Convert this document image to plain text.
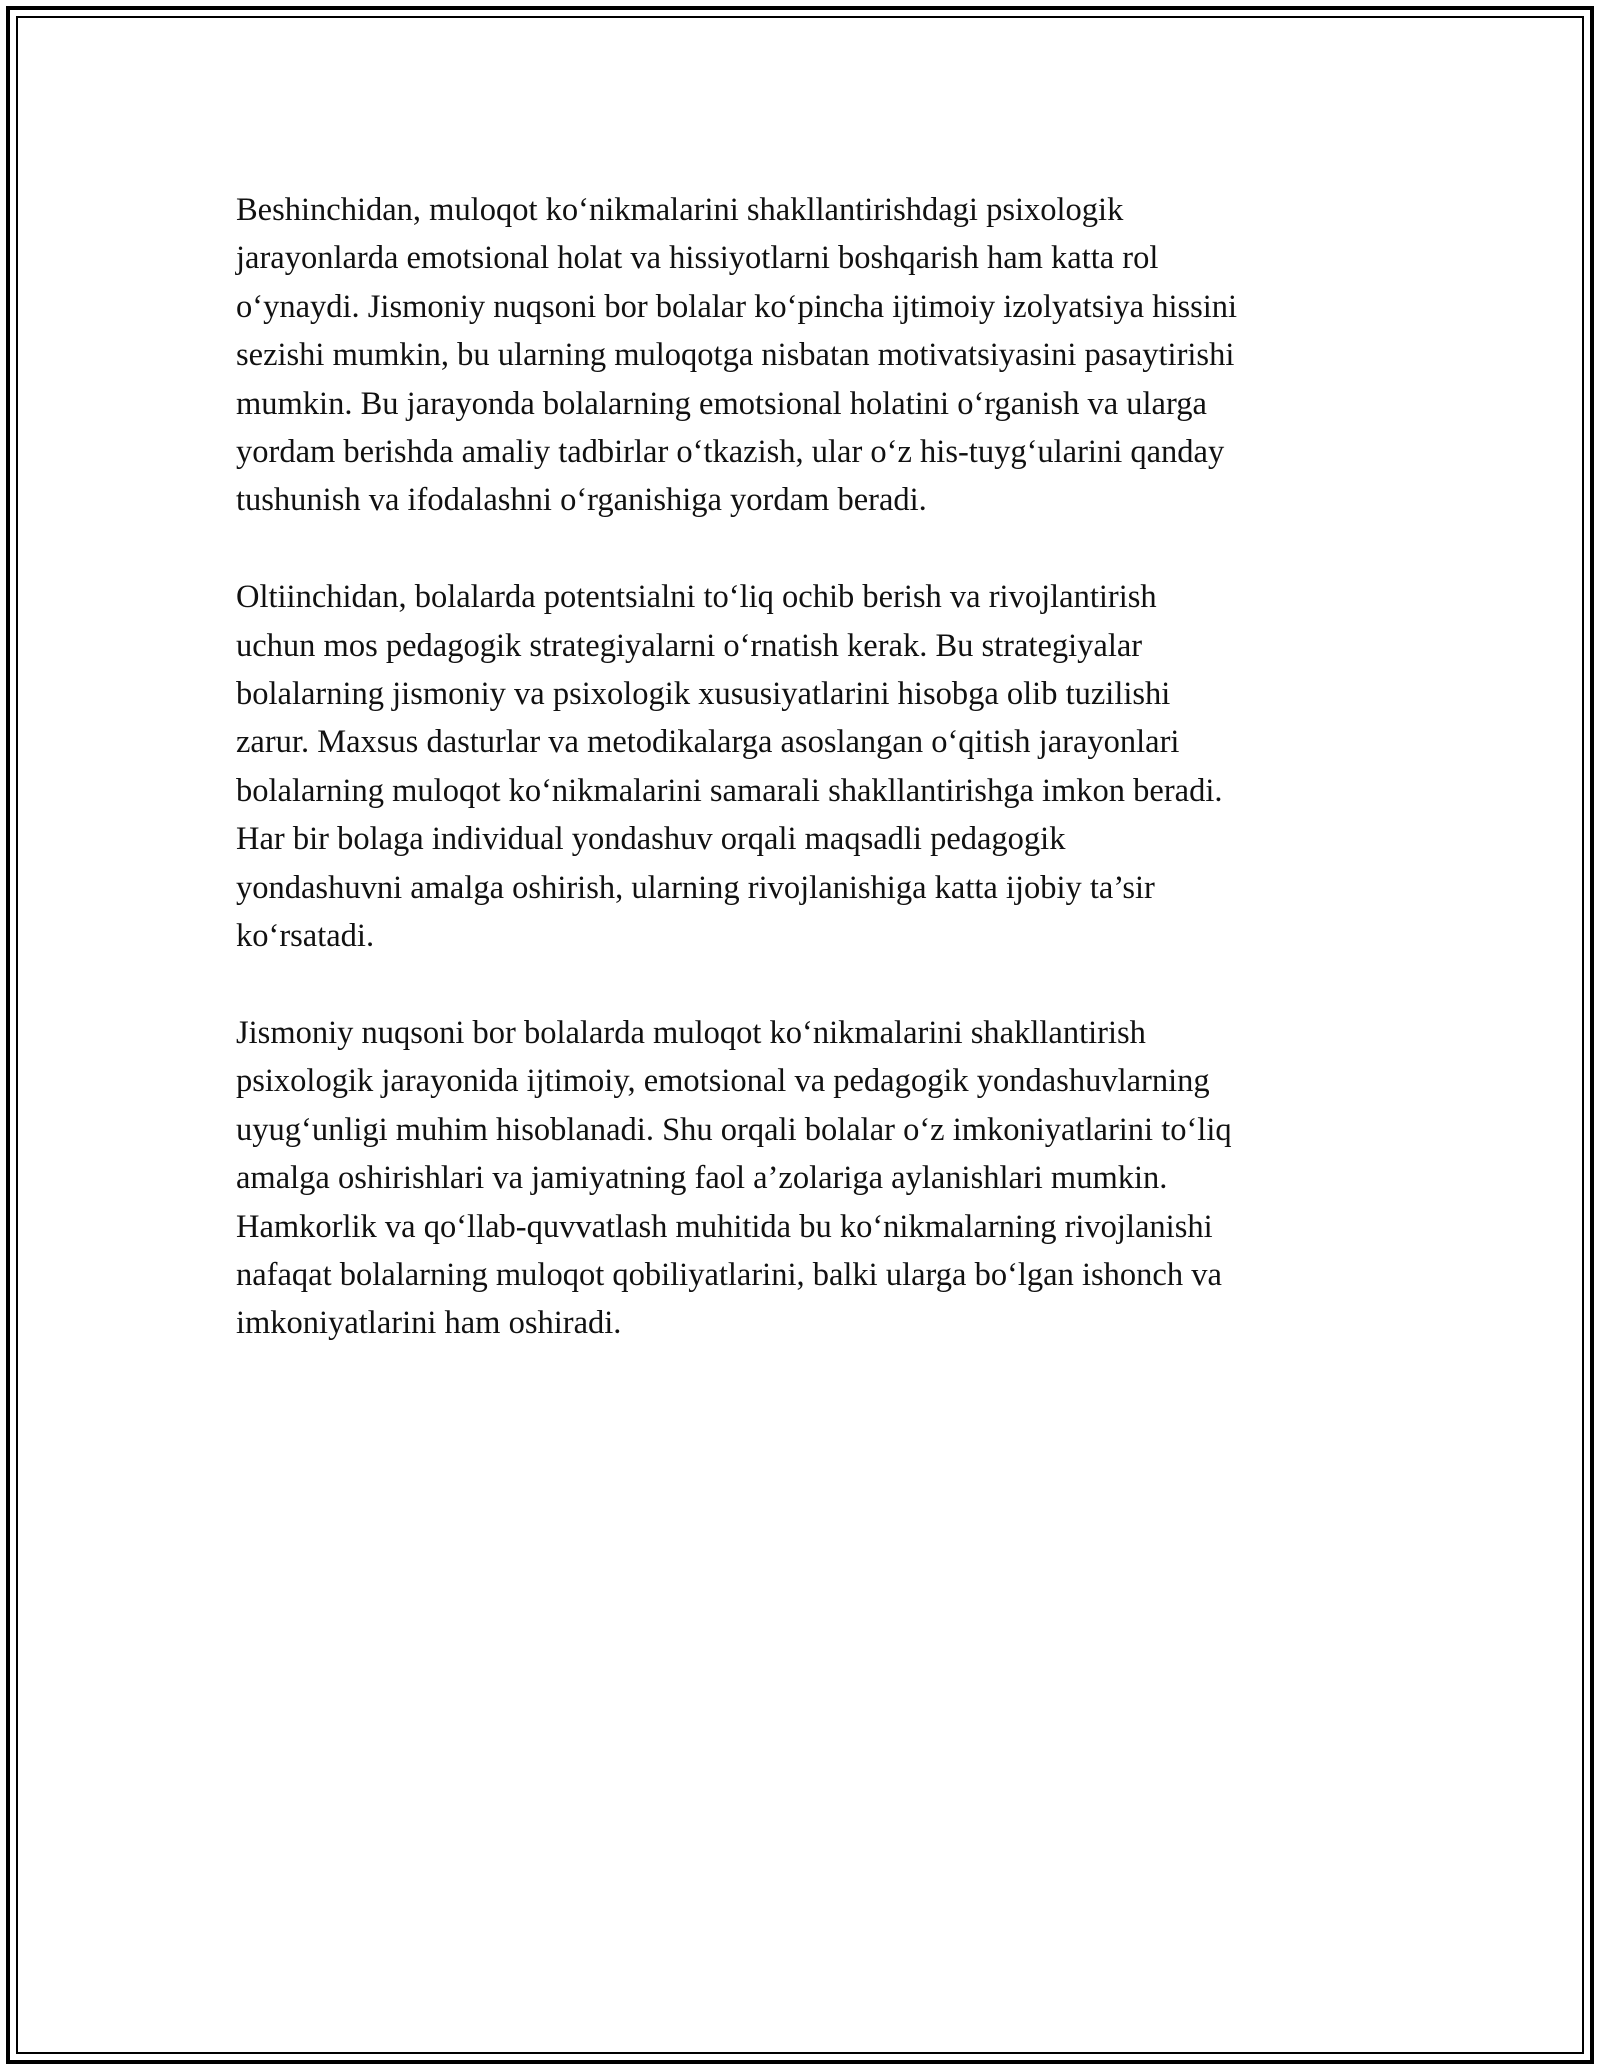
Beshinchidan, muloqot ko‘nikmalarini shakllantirishdagi psixologik
jarayonlarda emotsional holat va hissiyotlarni boshqarish ham katta rol
o‘ynaydi. Jismoniy nuqsoni bor bolalar ko‘pincha ijtimoiy izolyatsiya hissini
sezishi mumkin, bu ularning muloqotga nisbatan motivatsiyasini pasaytirishi
mumkin. Bu jarayonda bolalarning emotsional holatini o‘rganish va ularga
yordam berishda amaliy tadbirlar o‘tkazish, ular o‘z his-tuyg‘ularini qanday
tushunish va ifodalashni o‘rganishiga yordam beradi.

Oltiinchidan, bolalarda potentsialni to‘liq ochib berish va rivojlantirish
uchun mos pedagogik strategiyalarni o‘rnatish kerak. Bu strategiyalar
bolalarning jismoniy va psixologik xususiyatlarini hisobga olib tuzilishi
zarur. Maxsus dasturlar va metodikalarga asoslangan o‘qitish jarayonlari
bolalarning muloqot ko‘nikmalarini samarali shakllantirishga imkon beradi.
Har bir bolaga individual yondashuv orqali maqsadli pedagogik
yondashuvni amalga oshirish, ularning rivojlanishiga katta ijobiy ta’sir
ko‘rsatadi.

Jismoniy nuqsoni bor bolalarda muloqot ko‘nikmalarini shakllantirish
psixologik jarayonida ijtimoiy, emotsional va pedagogik yondashuvlarning
uyug‘unligi muhim hisoblanadi. Shu orqali bolalar o‘z imkoniyatlarini to‘liq
amalga oshirishlari va jamiyatning faol a’zolariga aylanishlari mumkin.
Hamkorlik va qo‘llab-quvvatlash muhitida bu ko‘nikmalarning rivojlanishi
nafaqat bolalarning muloqot qobiliyatlarini, balki ularga bo‘lgan ishonch va
imkoniyatlarini ham oshiradi.
